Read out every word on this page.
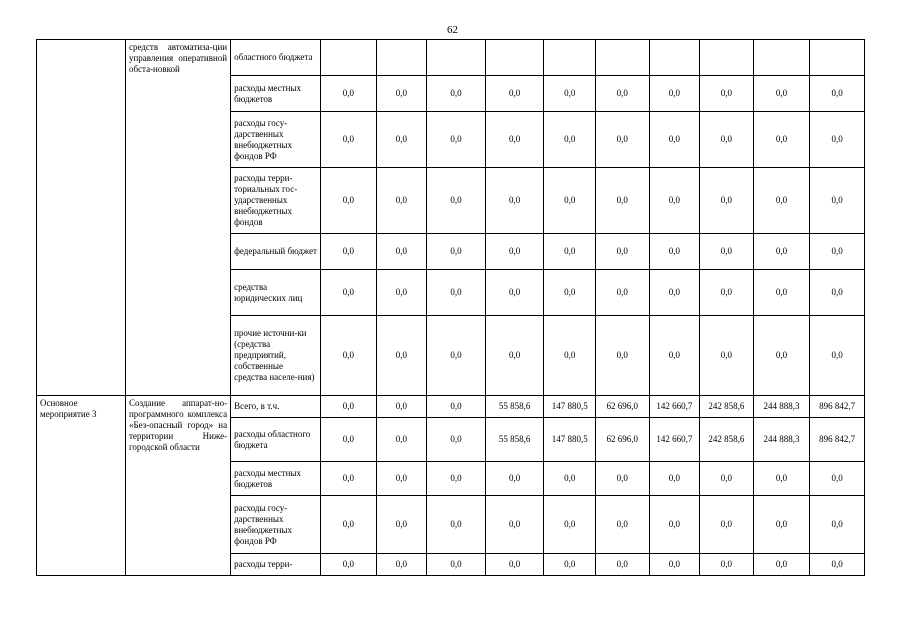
62

	средств автоматиза-ции управления оперативной обста-новкой	областного бюджета										
		расходы местных бюджетов	0,0	0,0	0,0	0,0	0,0	0,0	0,0	0,0	0,0	0,0
		расходы госу-дарственных внебюджетных фондов РФ	0,0	0,0	0,0	0,0	0,0	0,0	0,0	0,0	0,0	0,0
		расходы терри-ториальных гос-ударственных внебюджетных фондов	0,0	0,0	0,0	0,0	0,0	0,0	0,0	0,0	0,0	0,0
		федеральный бюджет	0,0	0,0	0,0	0,0	0,0	0,0	0,0	0,0	0,0	0,0
		средства юридических лиц	0,0	0,0	0,0	0,0	0,0	0,0	0,0	0,0	0,0	0,0
		прочие источни-ки (средства предприятий, собственные средства населе-ния)	0,0	0,0	0,0	0,0	0,0	0,0	0,0	0,0	0,0	0,0
Основное мероприятие 3	Создание аппарат-но-программного комплекса «Без-опасный город» на территории Ниже-городской области	Всего, в т.ч.	0,0	0,0	0,0	55 858,6	147 880,5	62 696,0	142 660,7	242 858,6	244 888,3	896 842,7
		расходы областного бюджета	0,0	0,0	0,0	55 858,6	147 880,5	62 696,0	142 660,7	242 858,6	244 888,3	896 842,7
		расходы местных бюджетов	0,0	0,0	0,0	0,0	0,0	0,0	0,0	0,0	0,0	0,0
		расходы госу-дарственных внебюджетных фондов РФ	0,0	0,0	0,0	0,0	0,0	0,0	0,0	0,0	0,0	0,0
		расходы терри-	0,0	0,0	0,0	0,0	0,0	0,0	0,0	0,0	0,0	0,0
